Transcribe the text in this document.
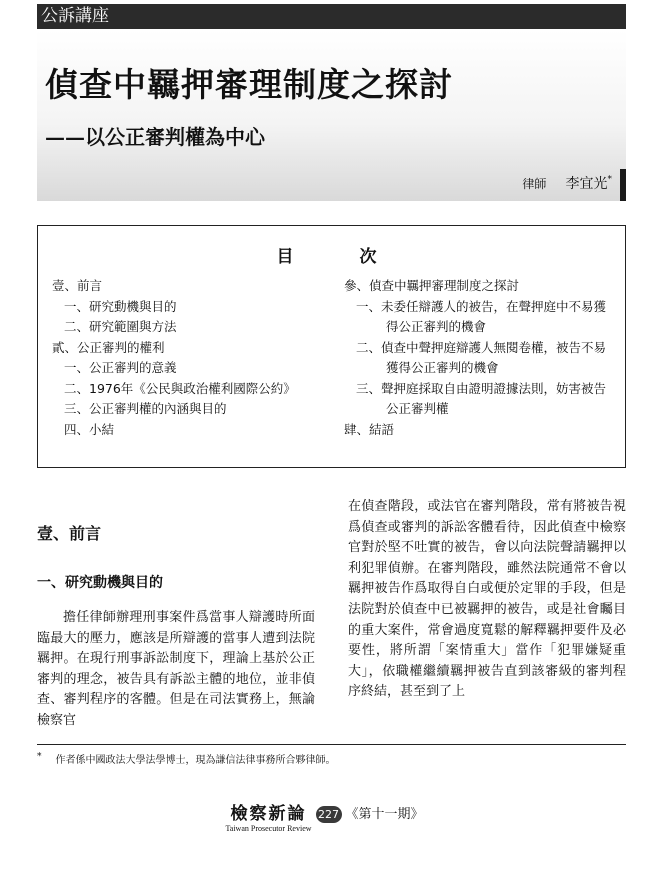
公訴講座
偵查中羈押審理制度之探討
——以公正審判權為中心
律師 李宜光*
目 次

壹、前言

一、研究動機與目的

二、研究範圍與方法

貳、公正審判的權利

一、公正審判的意義

二、1976年《公民與政治權利國際公約》

三、公正審判權的內涵與目的

四、小結

參、偵查中羈押審理制度之探討

一、未委任辯護人的被告，在聲押庭中不易獲得公正審判的機會

二、偵查中聲押庭辯護人無閱卷權，被告不易獲得公正審判的機會

三、聲押庭採取自由證明證據法則，妨害被告公正審判權

肆、結語

壹、前言
一、研究動機與目的

擔任律師辦理刑事案件爲當事人辯護時所面臨最大的壓力，應該是所辯護的當事人遭到法院羈押。在現行刑事訴訟制度下，理論上基於公正審判的理念，被告具有訴訟主體的地位，並非偵查、審判程序的客體。但是在司法實務上，無論檢察官

在偵查階段，或法官在審判階段，常有將被告視爲偵查或審判的訴訟客體看待，因此偵查中檢察官對於堅不吐實的被告，會以向法院聲請羈押以利犯罪偵辦。在審判階段，雖然法院通常不會以羈押被告作爲取得自白或便於定罪的手段，但是法院對於偵查中已被羈押的被告，或是社會矚目的重大案件，常會過度寬鬆的解釋羈押要件及必要性，將所謂「案情重大」當作「犯罪嫌疑重大」，依職權繼續羈押被告直到該審級的審判程序終結，甚至到了上

* 作者係中國政法大學法學博士，現為謙信法律事務所合夥律師。
檢察新論
Taiwan Prosecutor Review
227 《第十一期》
